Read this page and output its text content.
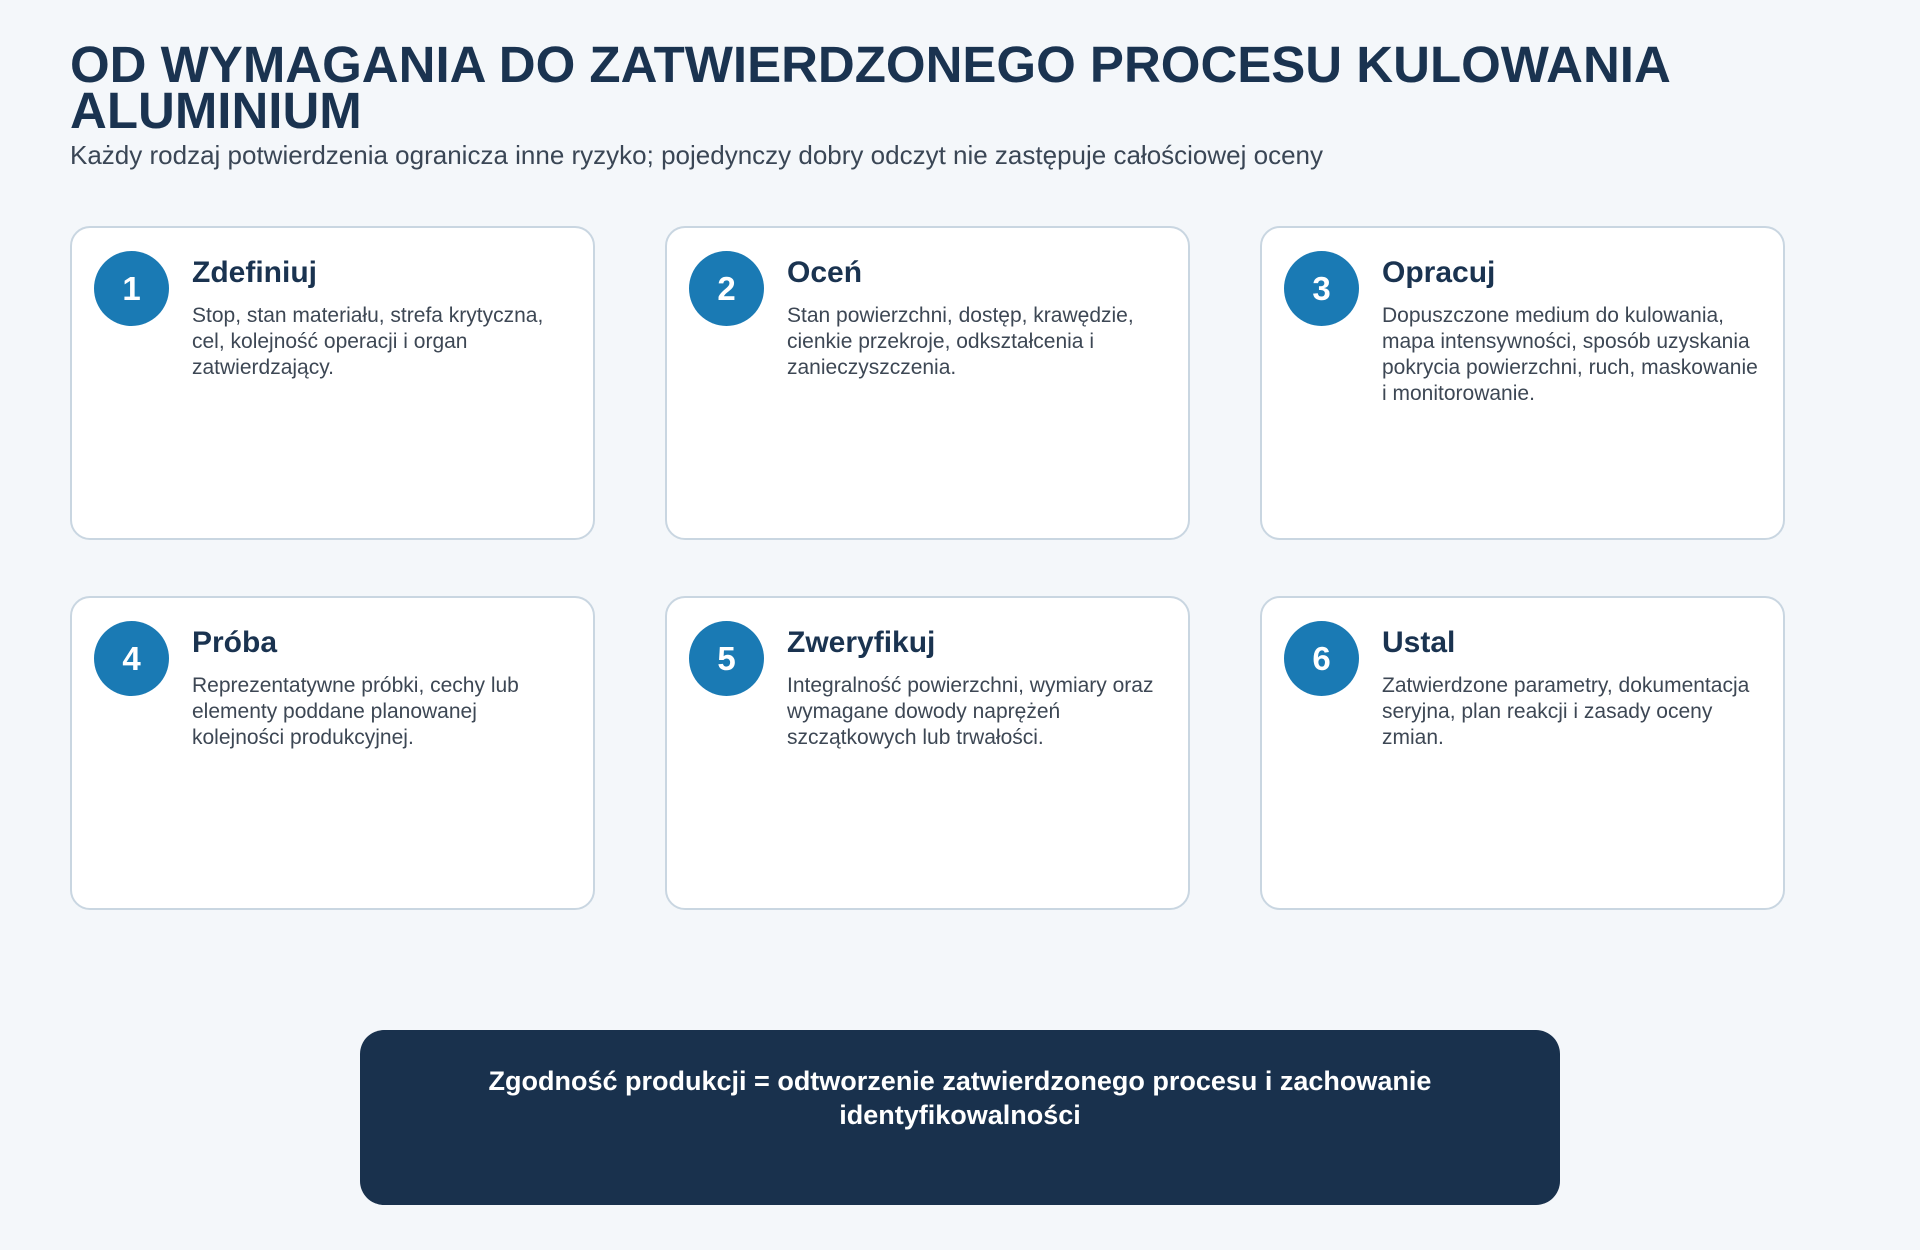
OD WYMAGANIA DO ZATWIERDZONEGO PROCESU KULOWANIA ALUMINIUM

Każdy rodzaj potwierdzenia ogranicza inne ryzyko; pojedynczy dobry odczyt nie zastępuje całościowej oceny

1	Zdefiniuj

Stop, stan materiału, strefa krytyczna, cel, kolejność operacji i organ zatwierdzający.

2	Oceń

Stan powierzchni, dostęp, krawędzie, cienkie przekroje, odkształcenia i zanieczyszczenia.

3	Opracuj

Dopuszczone medium do kulowania, mapa intensywności, sposób uzyskania pokrycia powierzchni, ruch, maskowanie i monitorowanie.

4	Próba

Reprezentatywne próbki, cechy lub elementy poddane planowanej kolejności produkcyjnej.

5	Zweryfikuj

Integralność powierzchni, wymiary oraz wymagane dowody naprężeń szczątkowych lub trwałości.

6	Ustal

Zatwierdzone parametry, dokumentacja seryjna, plan reakcji i zasady oceny zmian.

Zgodność produkcji = odtworzenie zatwierdzonego procesu i zachowanie identyfikowalności
